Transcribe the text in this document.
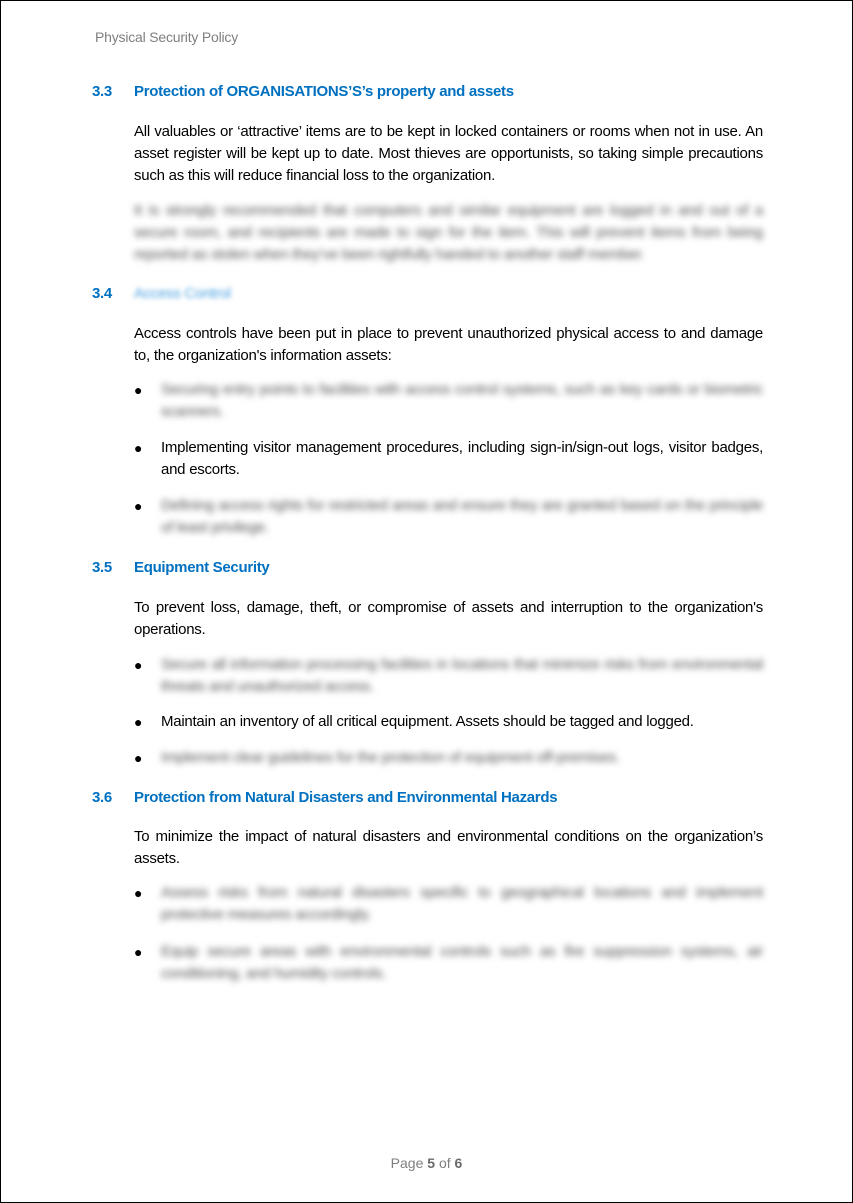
Physical Security Policy
3.3	Protection of ORGANISATIONS’S’s property and assets
All valuables or ‘attractive’ items are to be kept in locked containers or rooms when not in use. An asset register will be kept up to date. Most thieves are opportunists, so taking simple precautions such as this will reduce financial loss to the organization.
It is strongly recommended that computers and similar equipment are logged in and out of a secure room, and recipients are made to sign for the item. This will prevent items from being reported as stolen when they’ve been rightfully handed to another staff member.
3.4	Access Control
Access controls have been put in place to prevent unauthorized physical access to and damage to, the organization's information assets:
●	Securing entry points to facilities with access control systems, such as key cards or biometric scanners.
●	Implementing visitor management procedures, including sign-in/sign-out logs, visitor badges, and escorts.
●	Defining access rights for restricted areas and ensure they are granted based on the principle of least privilege.
3.5	Equipment Security
To prevent loss, damage, theft, or compromise of assets and interruption to the organization's operations.
●	Secure all information processing facilities in locations that minimize risks from environmental threats and unauthorized access.
●	Maintain an inventory of all critical equipment. Assets should be tagged and logged.
●	Implement clear guidelines for the protection of equipment off-premises.
3.6	Protection from Natural Disasters and Environmental Hazards
To minimize the impact of natural disasters and environmental conditions on the organization’s assets.
●	Assess risks from natural disasters specific to geographical locations and implement protective measures accordingly.
●	Equip secure areas with environmental controls such as fire suppression systems, air conditioning, and humidity controls.
Page 5 of 6
